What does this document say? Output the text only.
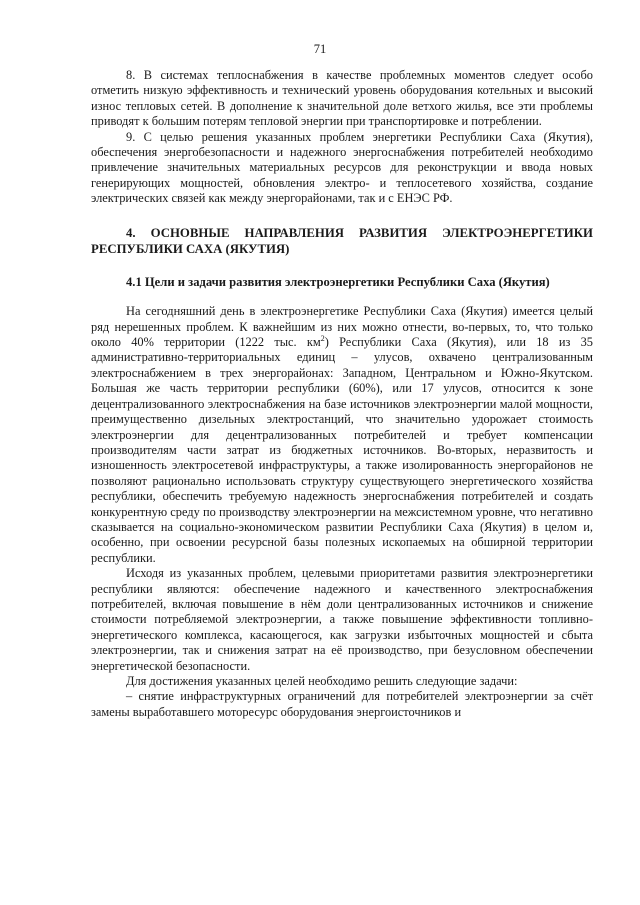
71

8. В системах теплоснабжения в качестве проблемных моментов следует особо отметить низкую эффективность и технический уровень оборудования котельных и высокий износ тепловых сетей. В дополнение к значительной доле ветхого жилья, все эти проблемы приводят к большим потерям тепловой энергии при транспортировке и потреблении.

9. С целью решения указанных проблем энергетики Республики Саха (Якутия), обеспечения энергобезопасности и надежного энергоснабжения потребителей необходимо привлечение значительных материальных ресурсов для реконструкции и ввода новых генерирующих мощностей, обновления электро- и теплосетевого хозяйства, создание электрических связей как между энергорайонами, так и с ЕНЭС РФ.

4. ОСНОВНЫЕ НАПРАВЛЕНИЯ РАЗВИТИЯ ЭЛЕКТРОЭНЕРГЕТИКИ РЕСПУБЛИКИ САХА (ЯКУТИЯ)

4.1 Цели и задачи развития электроэнергетики Республики Саха (Якутия)

На сегодняшний день в электроэнергетике Республики Саха (Якутия) имеется целый ряд нерешенных проблем. К важнейшим из них можно отнести, во-первых, то, что только около 40% территории (1222 тыс. $км^2$) Республики Саха (Якутия), или 18 из 35 административно-территориальных единиц – улусов, охвачено централизованным электроснабжением в трех энергорайонах: Западном, Центральном и Южно-Якутском. Большая же часть территории республики (60%), или 17 улусов, относится к зоне децентрализованного электроснабжения на базе источников электроэнергии малой мощности, преимущественно дизельных электростанций, что значительно удорожает стоимость электроэнергии для децентрализованных потребителей и требует компенсации производителям части затрат из бюджетных источников. Во-вторых, неразвитость и изношенность электросетевой инфраструктуры, а также изолированность энергорайонов не позволяют рационально использовать структуру существующего энергетического хозяйства республики, обеспечить требуемую надежность энергоснабжения потребителей и создать конкурентную среду по производству электроэнергии на межсистемном уровне, что негативно сказывается на социально-экономическом развитии Республики Саха (Якутия) в целом и, особенно, при освоении ресурсной базы полезных ископаемых на обширной территории республики.

Исходя из указанных проблем, целевыми приоритетами развития электроэнергетики республики являются: обеспечение надежного и качественного электроснабжения потребителей, включая повышение в нём доли централизованных источников и снижение стоимости потребляемой электроэнергии, а также повышение эффективности топливно-энергетического комплекса, касающегося, как загрузки избыточных мощностей и сбыта электроэнергии, так и снижения затрат на её производство, при безусловном обеспечении энергетической безопасности.

Для достижения указанных целей необходимо решить следующие задачи:

– снятие инфраструктурных ограничений для потребителей электроэнергии за счёт замены выработавшего моторесурс оборудования энергоисточников и
